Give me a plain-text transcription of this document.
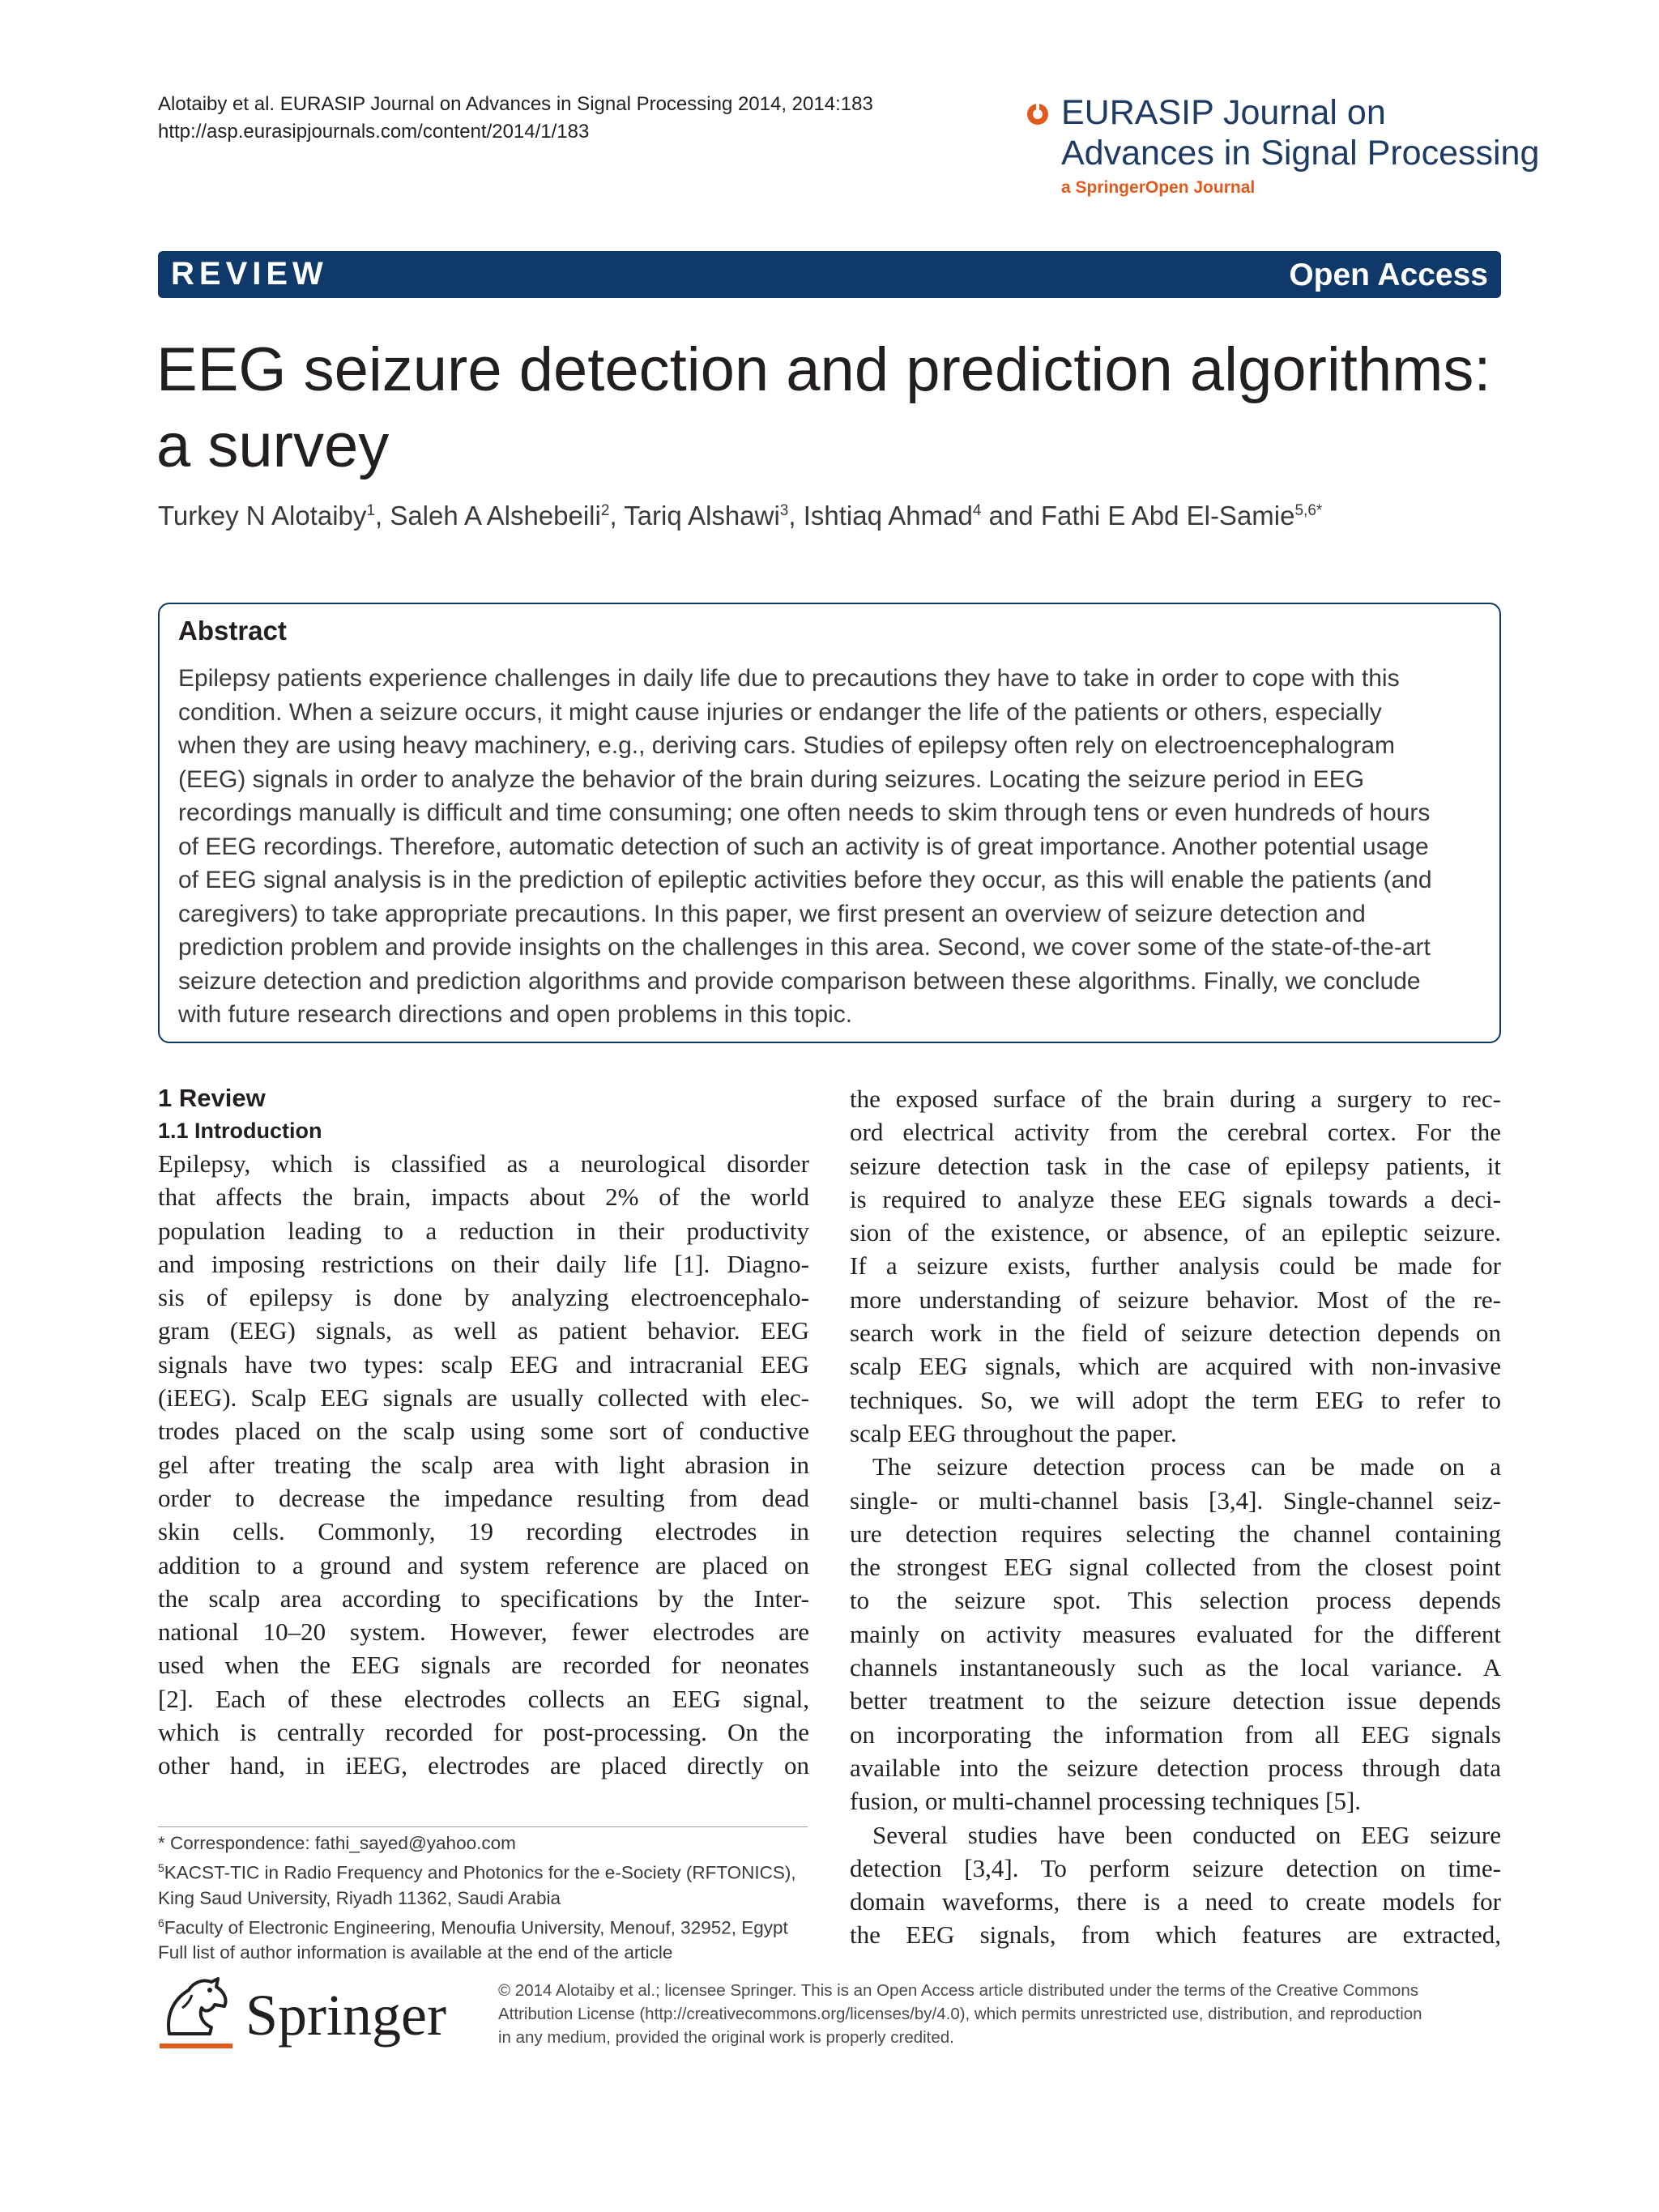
Alotaiby et al. EURASIP Journal on Advances in Signal Processing 2014, 2014:183
http://asp.eurasipjournals.com/content/2014/1/183	EURASIP Journal on
Advances in Signal Processing
a SpringerOpen Journal
REVIEW	Open Access
EEG seizure detection and prediction algorithms:
a survey
Turkey N Alotaiby$^1$, Saleh A Alshebeili$^2$, Tariq Alshawi$^3$, Ishtiaq Ahmad$^4$ and Fathi E Abd El-Samie$^{5,6*}$
Abstract
Epilepsy patients experience challenges in daily life due to precautions they have to take in order to cope with this
condition. When a seizure occurs, it might cause injuries or endanger the life of the patients or others, especially
when they are using heavy machinery, e.g., deriving cars. Studies of epilepsy often rely on electroencephalogram
(EEG) signals in order to analyze the behavior of the brain during seizures. Locating the seizure period in EEG
recordings manually is difficult and time consuming; one often needs to skim through tens or even hundreds of hours
of EEG recordings. Therefore, automatic detection of such an activity is of great importance. Another potential usage
of EEG signal analysis is in the prediction of epileptic activities before they occur, as this will enable the patients (and
caregivers) to take appropriate precautions. In this paper, we first present an overview of seizure detection and
prediction problem and provide insights on the challenges in this area. Second, we cover some of the state-of-the-art
seizure detection and prediction algorithms and provide comparison between these algorithms. Finally, we conclude
with future research directions and open problems in this topic.
1 Review
1.1 Introduction
Epilepsy, which is classified as a neurological disorder
that affects the brain, impacts about 2% of the world
population leading to a reduction in their productivity
and imposing restrictions on their daily life [1]. Diagno-
sis of epilepsy is done by analyzing electroencephalo-
gram (EEG) signals, as well as patient behavior. EEG
signals have two types: scalp EEG and intracranial EEG
(iEEG). Scalp EEG signals are usually collected with elec-
trodes placed on the scalp using some sort of conductive
gel after treating the scalp area with light abrasion in
order to decrease the impedance resulting from dead
skin cells. Commonly, 19 recording electrodes in
addition to a ground and system reference are placed on
the scalp area according to specifications by the Inter-
national 10–20 system. However, fewer electrodes are
used when the EEG signals are recorded for neonates
[2]. Each of these electrodes collects an EEG signal,
which is centrally recorded for post-processing. On the
other hand, in iEEG, electrodes are placed directly on
the exposed surface of the brain during a surgery to rec-
ord electrical activity from the cerebral cortex. For the
seizure detection task in the case of epilepsy patients, it
is required to analyze these EEG signals towards a deci-
sion of the existence, or absence, of an epileptic seizure.
If a seizure exists, further analysis could be made for
more understanding of seizure behavior. Most of the re-
search work in the field of seizure detection depends on
scalp EEG signals, which are acquired with non-invasive
techniques. So, we will adopt the term EEG to refer to
scalp EEG throughout the paper.
The seizure detection process can be made on a
single- or multi-channel basis [3,4]. Single-channel seiz-
ure detection requires selecting the channel containing
the strongest EEG signal collected from the closest point
to the seizure spot. This selection process depends
mainly on activity measures evaluated for the different
channels instantaneously such as the local variance. A
better treatment to the seizure detection issue depends
on incorporating the information from all EEG signals
available into the seizure detection process through data
fusion, or multi-channel processing techniques [5].
Several studies have been conducted on EEG seizure
detection [3,4]. To perform seizure detection on time-
domain waveforms, there is a need to create models for
the EEG signals, from which features are extracted,
* Correspondence: fathi_sayed@yahoo.com
$^5$KACST-TIC in Radio Frequency and Photonics for the e-Society (RFTONICS),
King Saud University, Riyadh 11362, Saudi Arabia
$^6$Faculty of Electronic Engineering, Menoufia University, Menouf, 32952, Egypt
Full list of author information is available at the end of the article
Springer	© 2014 Alotaiby et al.; licensee Springer. This is an Open Access article distributed under the terms of the Creative Commons
Attribution License (http://creativecommons.org/licenses/by/4.0), which permits unrestricted use, distribution, and reproduction
in any medium, provided the original work is properly credited.
